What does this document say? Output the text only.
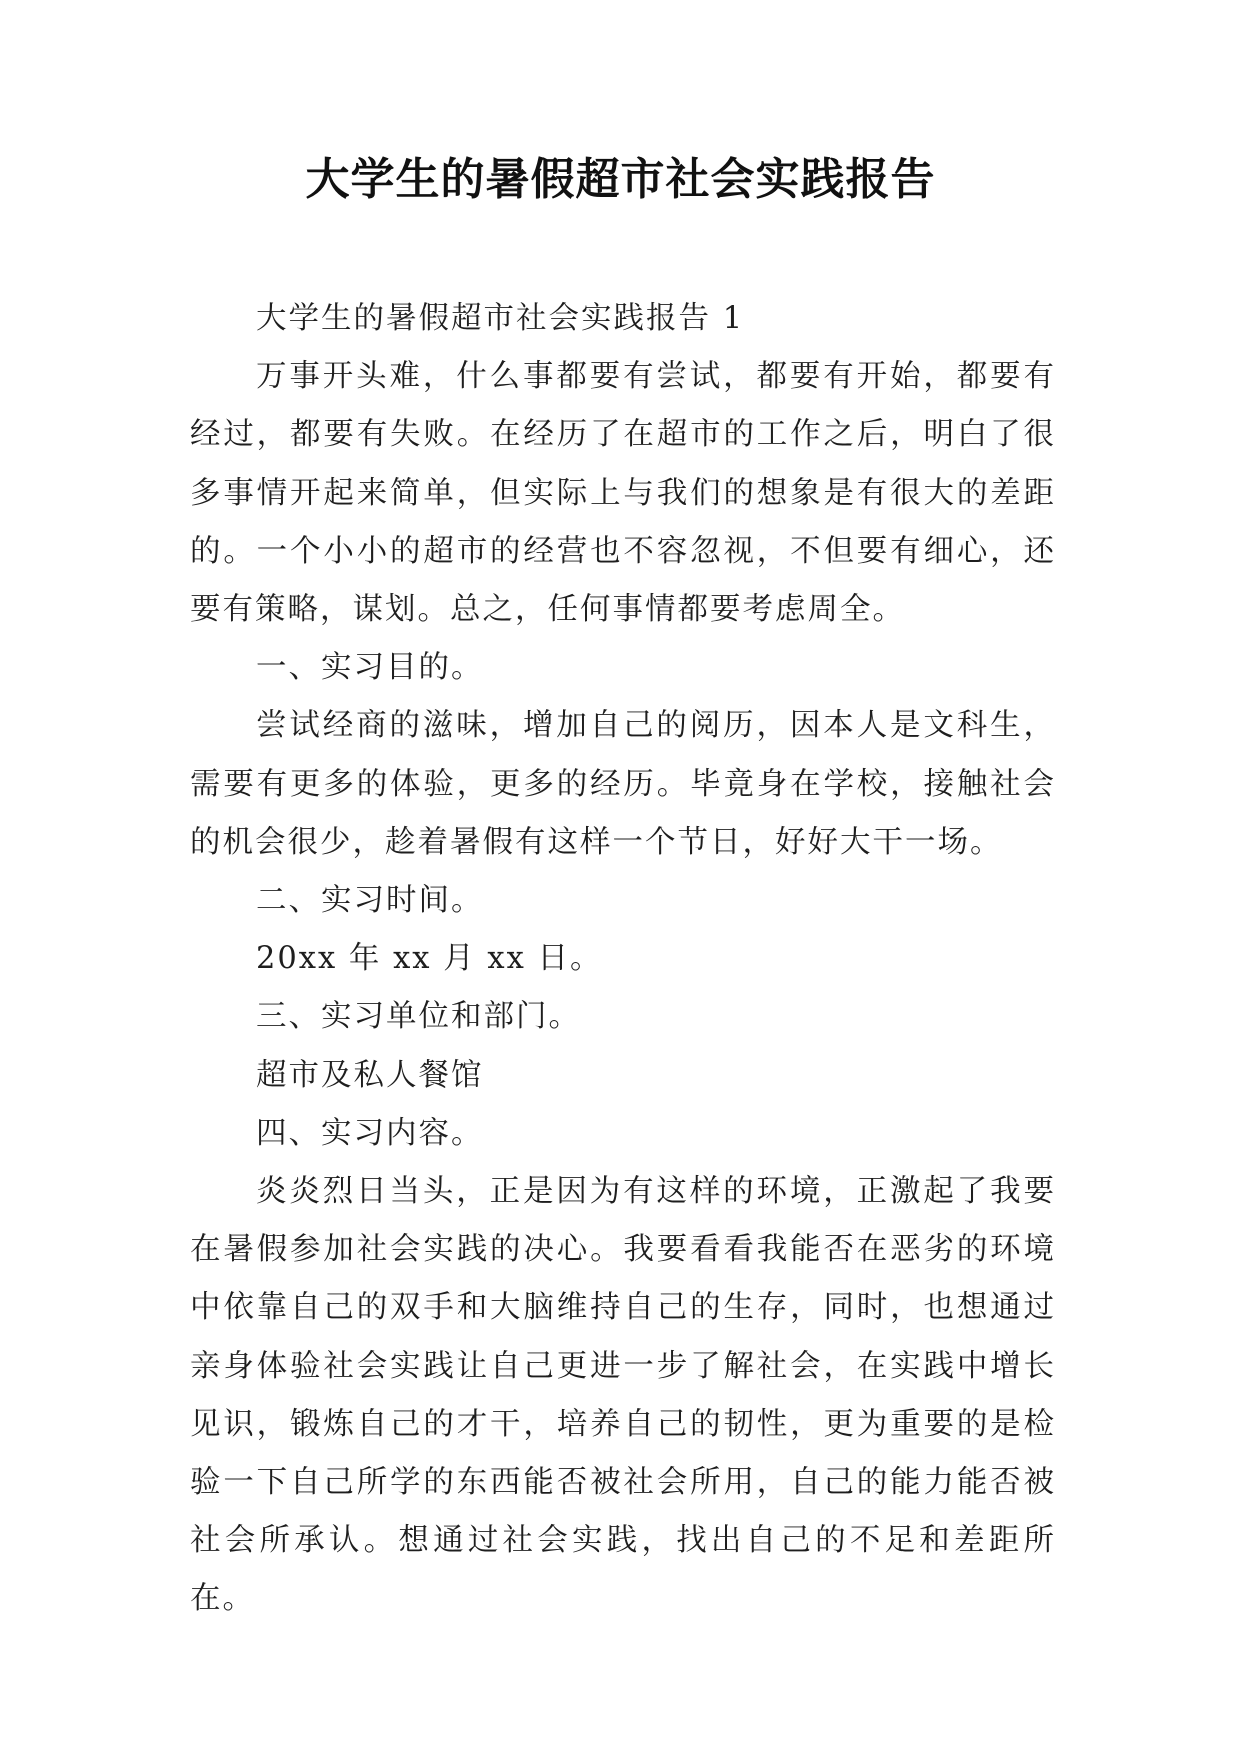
大学生的暑假超市社会实践报告

大学生的暑假超市社会实践报告 1

万事开头难，什么事都要有尝试，都要有开始，都要有经过，都要有失败。在经历了在超市的工作之后，明白了很多事情开起来简单，但实际上与我们的想象是有很大的差距的。一个小小的超市的经营也不容忽视，不但要有细心，还要有策略，谋划。总之，任何事情都要考虑周全。

一、实习目的。

尝试经商的滋味，增加自己的阅历，因本人是文科生，需要有更多的体验，更多的经历。毕竟身在学校，接触社会的机会很少，趁着暑假有这样一个节日，好好大干一场。

二、实习时间。

20xx 年 xx 月 xx 日。

三、实习单位和部门。

超市及私人餐馆

四、实习内容。

炎炎烈日当头，正是因为有这样的环境，正激起了我要在暑假参加社会实践的决心。我要看看我能否在恶劣的环境中依靠自己的双手和大脑维持自己的生存，同时，也想通过亲身体验社会实践让自己更进一步了解社会，在实践中增长见识，锻炼自己的才干，培养自己的韧性，更为重要的是检验一下自己所学的东西能否被社会所用，自己的能力能否被社会所承认。想通过社会实践，找出自己的不足和差距所在。
